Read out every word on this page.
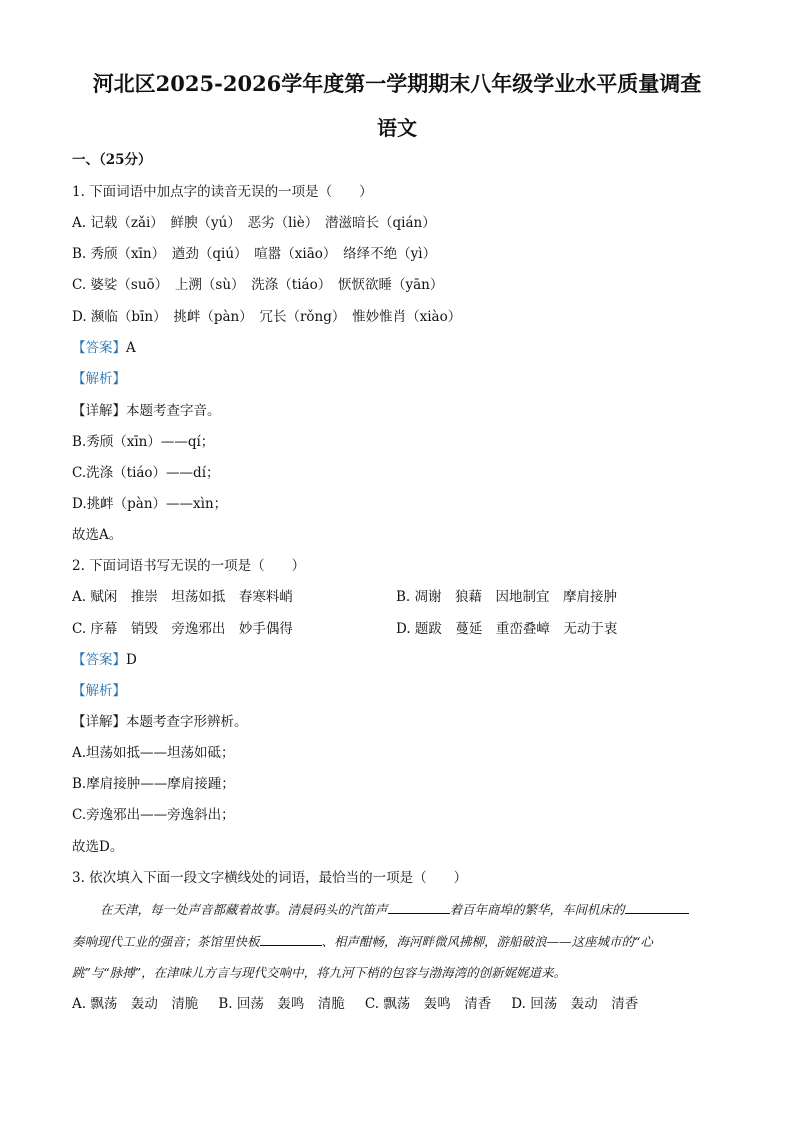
河北区2025-2026学年度第一学期期末八年级学业水平质量调查
语文
一、（25分）
1. 下面词语中加点字的读音无误的一项是（　　）
A. 记载（zǎi）　鲜腴（yú）　恶劣（liè）　潜滋暗长（qián）
B. 秀颀（xīn）　遒劲（qiú）　喧嚣（xiāo）　络绎不绝（yì）
C. 婆娑（suō）　上溯（sù）　洗涤（tiáo）　恹恹欲睡（yān）
D. 濒临（bīn）　挑衅（pàn）　冗长（rǒng）　惟妙惟肖（xiào）
【答案】A
【解析】
【详解】本题考查字音。
B.秀颀（xīn）——qí；
C.洗涤（tiáo）——dí；
D.挑衅（pàn）——xìn；
故选A。
2. 下面词语书写无误的一项是（　　）
A. 赋闲　推崇　坦荡如抵　春寒料峭	B. 凋谢　狼藉　因地制宜　摩肩接肿
C. 序幕　销毁　旁逸邪出　妙手偶得	D. 题跋　蔓延　重峦叠嶂　无动于衷
【答案】D
【解析】
【详解】本题考查字形辨析。
A.坦荡如抵——坦荡如砥；
B.摩肩接肿——摩肩接踵；
C.旁逸邪出——旁逸斜出；
故选D。
3. 依次填入下面一段文字横线处的词语，最恰当的一项是（　　）
在天津，每一处声音都藏着故事。清晨码头的汽笛声	着百年商埠的繁华，车间机床的
奏响现代工业的强音；茶馆里快板	、相声酣畅，海河畔微风拂柳，游船破浪——这座城市的“心
跳”与“脉搏”，在津味儿方言与现代交响中，将九河下梢的包容与渤海湾的创新娓娓道来。
A. 飘荡　轰动　清脆 B. 回荡　轰鸣　清脆 C. 飘荡　轰鸣　清香 D. 回荡　轰动　清香
